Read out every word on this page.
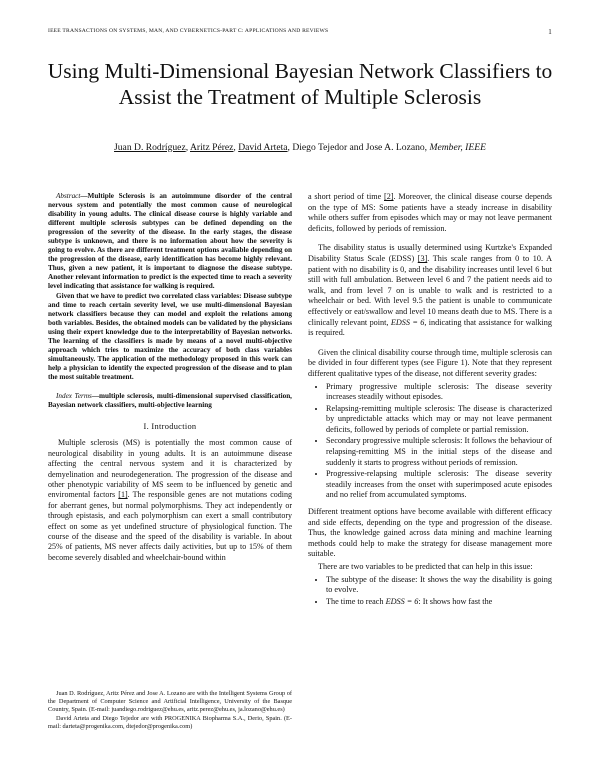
IEEE TRANSACTIONS ON SYSTEMS, MAN, AND CYBERNETICS-PART C: APPLICATIONS AND REVIEWS	1
Using Multi-Dimensional Bayesian Network Classifiers to Assist the Treatment of Multiple Sclerosis
Juan D. Rodríguez, Aritz Pérez, David Arteta, Diego Tejedor and Jose A. Lozano, Member, IEEE

Abstract—Multiple Sclerosis is an autoimmune disorder of the central nervous system and potentially the most common cause of neurological disability in young adults. The clinical disease course is highly variable and different multiple sclerosis subtypes can be defined depending on the progression of the severity of the disease. In the early stages, the disease subtype is unknown, and there is no information about how the severity is going to evolve. As there are different treatment options avaliable depending on the progression of the disease, early identification has become highly relevant. Thus, given a new patient, it is important to diagnose the disease subtype. Another relevant information to predict is the expected time to reach a severity level indicating that assistance for walking is required.

Given that we have to predict two correlated class variables: Disease subtype and time to reach certain severity level, we use multi-dimensional Bayesian network classifiers because they can model and exploit the relations among both variables. Besides, the obtained models can be validated by the physicians using their expert knowledge due to the interpretability of Bayesian networks. The learning of the classifiers is made by means of a novel multi-objective approach which tries to maximize the accuracy of both class variables simultaneously. The application of the methodology proposed in this work can help a physician to identify the expected progression of the disease and to plan the most suitable treatment.

Index Terms—multiple sclerosis, multi-dimensional supervised classification, Bayesian network classifiers, multi-objective learning
I. Introduction

Multiple sclerosis (MS) is potentially the most common cause of neurological disability in young adults. It is an autoimmune disease affecting the central nervous system and it is characterized by demyelination and neurodegeneration. The progression of the disease and other phenotypic variability of MS seem to be influenced by genetic and enviromental factors [1]. The responsible genes are not mutations coding for aberrant genes, but normal polymorphisms. They act independently or through epistasis, and each polymorphism can exert a small contributory effect on some as yet undefined structure of physiological function. The course of the disease and the speed of the disability is variable. In about 25% of patients, MS never affects daily activities, but up to 15% of them become severely disabled and wheelchair-bound within

Juan D. Rodríguez, Aritz Pérez and Jose A. Lozano are with the Intelligent Systems Group of the Department of Computer Science and Artificial Intelligence, University of the Basque Country, Spain. (E-mail: juandiego.rodriguez@ehu.es, aritz.perez@ehu.es, ja.lozano@ehu.es)

David Arteta and Diego Tejedor are with PROGENIKA Biopharma S.A., Derio, Spain. (E-mail: darteta@progenika.com, dtejedor@progenika.com)

a short period of time [2]. Moreover, the clinical disease course depends on the type of MS: Some patients have a steady increase in disability while others suffer from episodes which may or may not leave permanent deficits, followed by periods of remission.

The disability status is usually determined using Kurtzke's Expanded Disability Status Scale (EDSS) [3]. This scale ranges from 0 to 10. A patient with no disability is 0, and the disability increases until level 6 but still with full ambulation. Between level 6 and 7 the patient needs aid to walk, and from level 7 on is unable to walk and is restricted to a wheelchair or bed. With level 9.5 the patient is unable to communicate effectively or eat/swallow and level 10 means death due to MS. There is a clinically relevant point, EDSS = 6, indicating that assistance for walking is required.

Given the clinical disability course through time, multiple sclerosis can be divided in four different types (see Figure 1). Note that they represent different qualitative types of the disease, not different severity grades:

• Primary progressive multiple sclerosis: The disease severity increases steadily without episodes.
• Relapsing-remitting multiple sclerosis: The disease is characterized by unpredictable attacks which may or may not leave permanent deficits, followed by periods of complete or partial remission.
• Secondary progressive multiple sclerosis: It follows the behaviour of relapsing-remitting MS in the initial steps of the disease and suddenly it starts to progress without periods of remission.
• Progressive-relapsing multiple sclerosis: The disease severity steadily increases from the onset with superimposed acute episodes and no relief from accumulated symptoms.

Different treatment options have become available with different efficacy and side effects, depending on the type and progression of the disease. Thus, the knowledge gained across data mining and machine learning methods could help to make the strategy for disease management more suitable.

There are two variables to be predicted that can help in this issue:

• The subtype of the disease: It shows the way the disability is going to evolve.
• The time to reach EDSS = 6: It shows how fast the
